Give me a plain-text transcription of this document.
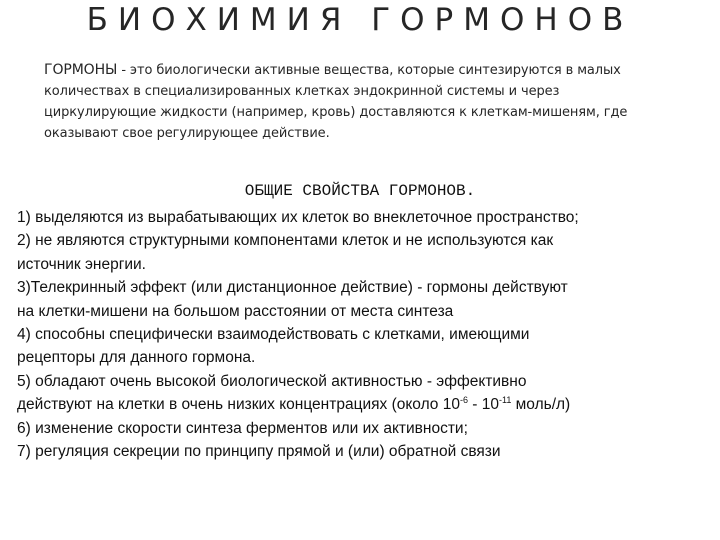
БИОХИМИЯ ГОРМОНОВ
ГОРМОНЫ - это биологически активные вещества, которые синтезируются в малых
количествах в специализированных клетках эндокринной системы и через
циркулирующие жидкости (например, кровь) доставляются к клеткам-мишеням, где
оказывают свое регулирующее действие.
ОБЩИЕ СВОЙСТВА ГОРМОНОВ.
1) выделяются из вырабатывающих их клеток во внеклеточное пространство;
2) не являются структурными компонентами клеток и не используются как
источник энергии.
3)Телекринный эффект (или дистанционное действие) - гормоны действуют
на клетки-мишени на большом расстоянии от места синтеза
4) способны специфически взаимодействовать с клетками, имеющими
рецепторы для данного гормона.
5) обладают очень высокой биологической активностью - эффективно
действуют на клетки в очень низких концентрациях (около $10^{-6} - 10^{-11}$ моль/л)
6) изменение скорости синтеза ферментов или их активности;
7) регуляция секреции по принципу прямой и (или) обратной связи
